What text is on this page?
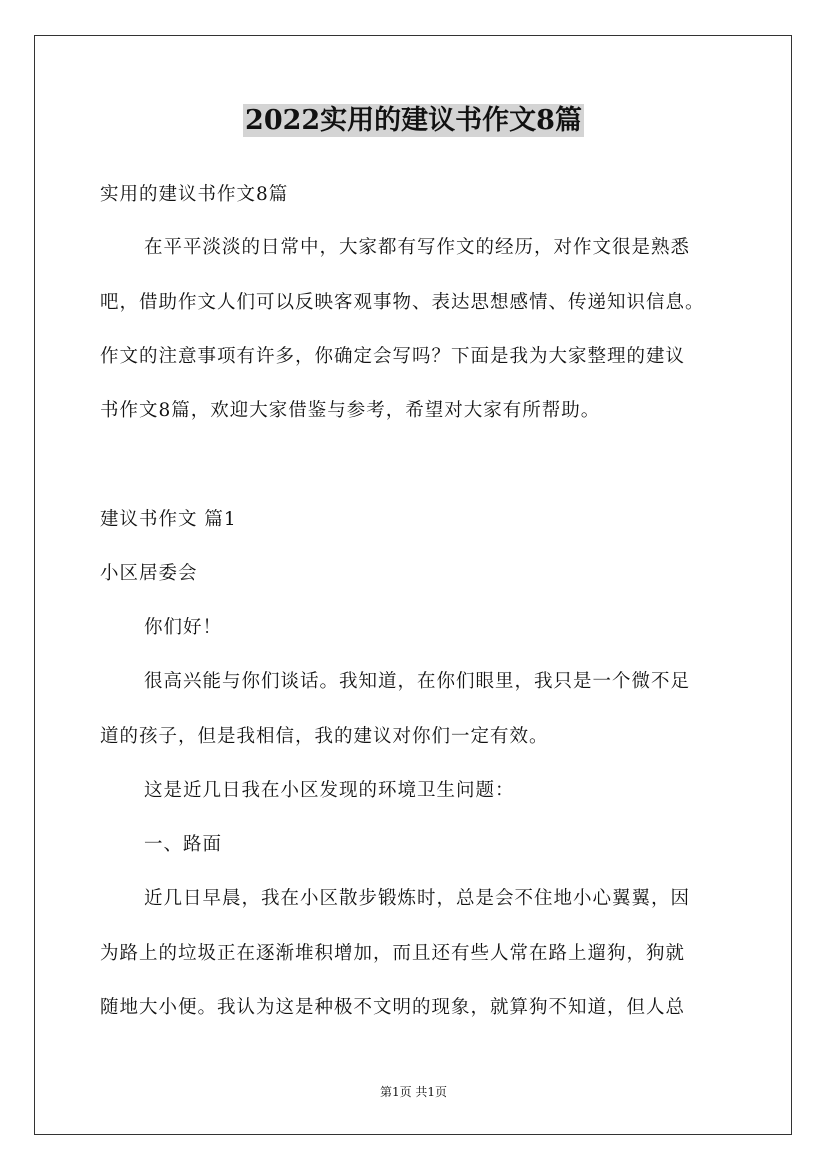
2022实用的建议书作文8篇

实用的建议书作文8篇

在平平淡淡的日常中，大家都有写作文的经历，对作文很是熟悉

吧，借助作文人们可以反映客观事物、表达思想感情、传递知识信息。

作文的注意事项有许多，你确定会写吗？下面是我为大家整理的建议

书作文8篇，欢迎大家借鉴与参考，希望对大家有所帮助。

建议书作文 篇1

小区居委会

你们好！

很高兴能与你们谈话。我知道，在你们眼里，我只是一个微不足

道的孩子，但是我相信，我的建议对你们一定有效。

这是近几日我在小区发现的环境卫生问题：

一、路面

近几日早晨，我在小区散步锻炼时，总是会不住地小心翼翼，因

为路上的垃圾正在逐渐堆积增加，而且还有些人常在路上遛狗，狗就

随地大小便。我认为这是种极不文明的现象，就算狗不知道，但人总

第1页 共1页
